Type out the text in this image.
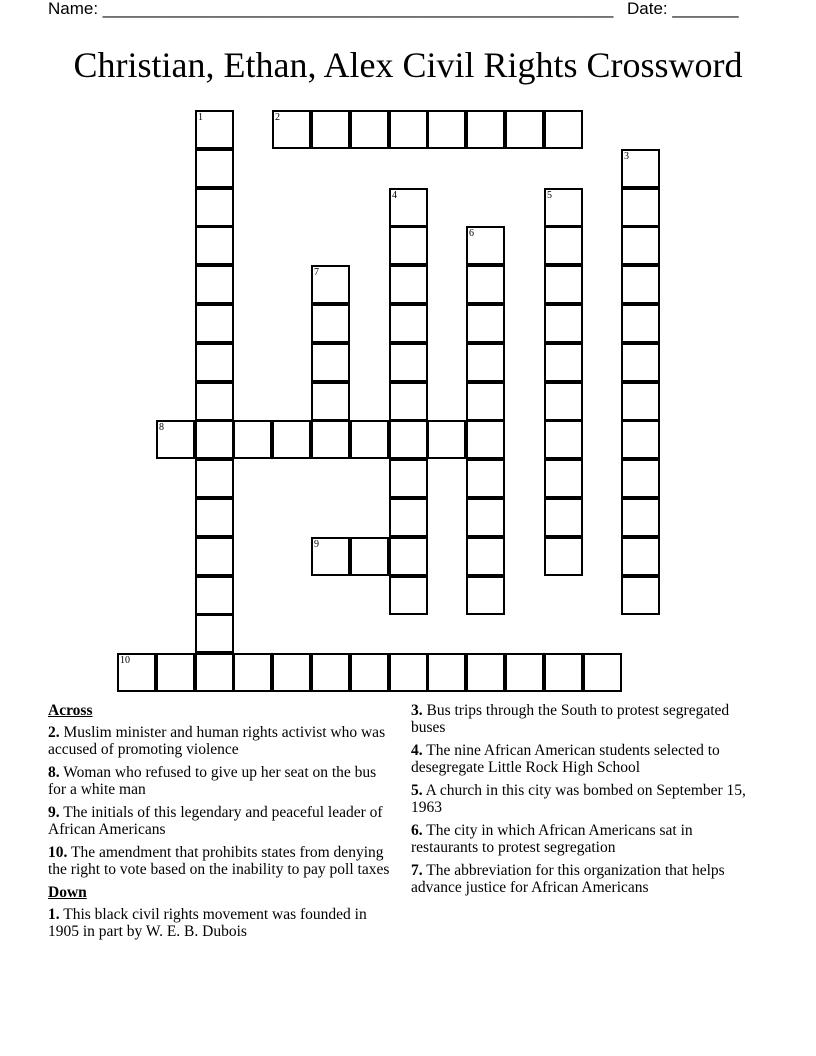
Name: ______________________________________________________ Date: _______
Christian, Ethan, Alex Civil Rights Crossword
1	2
3
4	5
6
7
8
9
10
Across
2. Muslim minister and human rights activist who was accused of promoting violence
8. Woman who refused to give up her seat on the bus for a white man
9. The initials of this legendary and peaceful leader of African Americans
10. The amendment that prohibits states from denying the right to vote based on the inability to pay poll taxes
Down
1. This black civil rights movement was founded in 1905 in part by W. E. B. Dubois
3. Bus trips through the South to protest segregated buses
4. The nine African American students selected to desegregate Little Rock High School
5. A church in this city was bombed on September 15, 1963
6. The city in which African Americans sat in restaurants to protest segregation
7. The abbreviation for this organization that helps advance justice for African Americans
